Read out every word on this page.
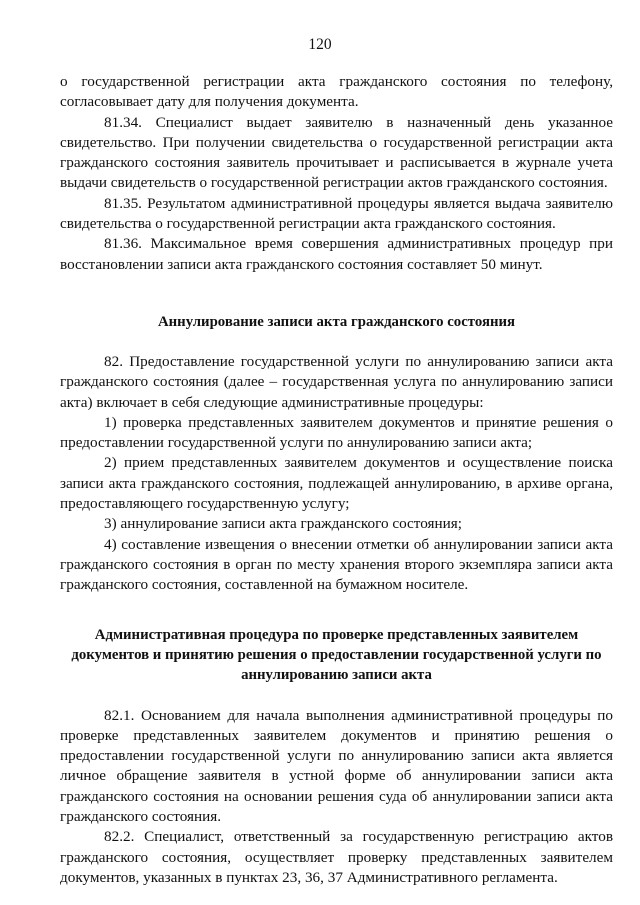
120

о государственной регистрации акта гражданского состояния по телефону, согласовывает дату для получения документа.

81.34. Специалист выдает заявителю в назначенный день указанное свидетельство. При получении свидетельства о государственной регистрации акта гражданского состояния заявитель прочитывает и расписывается в журнале учета выдачи свидетельств о государственной регистрации актов гражданского состояния.

81.35. Результатом административной процедуры является выдача заявителю свидетельства о государственной регистрации акта гражданского состояния.

81.36. Максимальное время совершения административных процедур при восстановлении записи акта гражданского состояния составляет 50 минут.

Аннулирование записи акта гражданского состояния

82. Предоставление государственной услуги по аннулированию записи акта гражданского состояния (далее – государственная услуга по аннулированию записи акта) включает в себя следующие административные процедуры:

1) проверка представленных заявителем документов и принятие решения о предоставлении государственной услуги по аннулированию записи акта;

2) прием представленных заявителем документов и осуществление поиска записи акта гражданского состояния, подлежащей аннулированию, в архиве органа, предоставляющего государственную услугу;

3) аннулирование записи акта гражданского состояния;

4) составление извещения о внесении отметки об аннулировании записи акта гражданского состояния в орган по месту хранения второго экземпляра записи акта гражданского состояния, составленной на бумажном носителе.

Административная процедура по проверке представленных заявителем документов и принятию решения о предоставлении государственной услуги по аннулированию записи акта

82.1. Основанием для начала выполнения административной процедуры по проверке представленных заявителем документов и принятию решения о предоставлении государственной услуги по аннулированию записи акта является личное обращение заявителя в устной форме об аннулировании записи акта гражданского состояния на основании решения суда об аннулировании записи акта гражданского состояния.

82.2. Специалист, ответственный за государственную регистрацию актов гражданского состояния, осуществляет проверку представленных заявителем документов, указанных в пунктах 23, 36, 37 Административного регламента.
